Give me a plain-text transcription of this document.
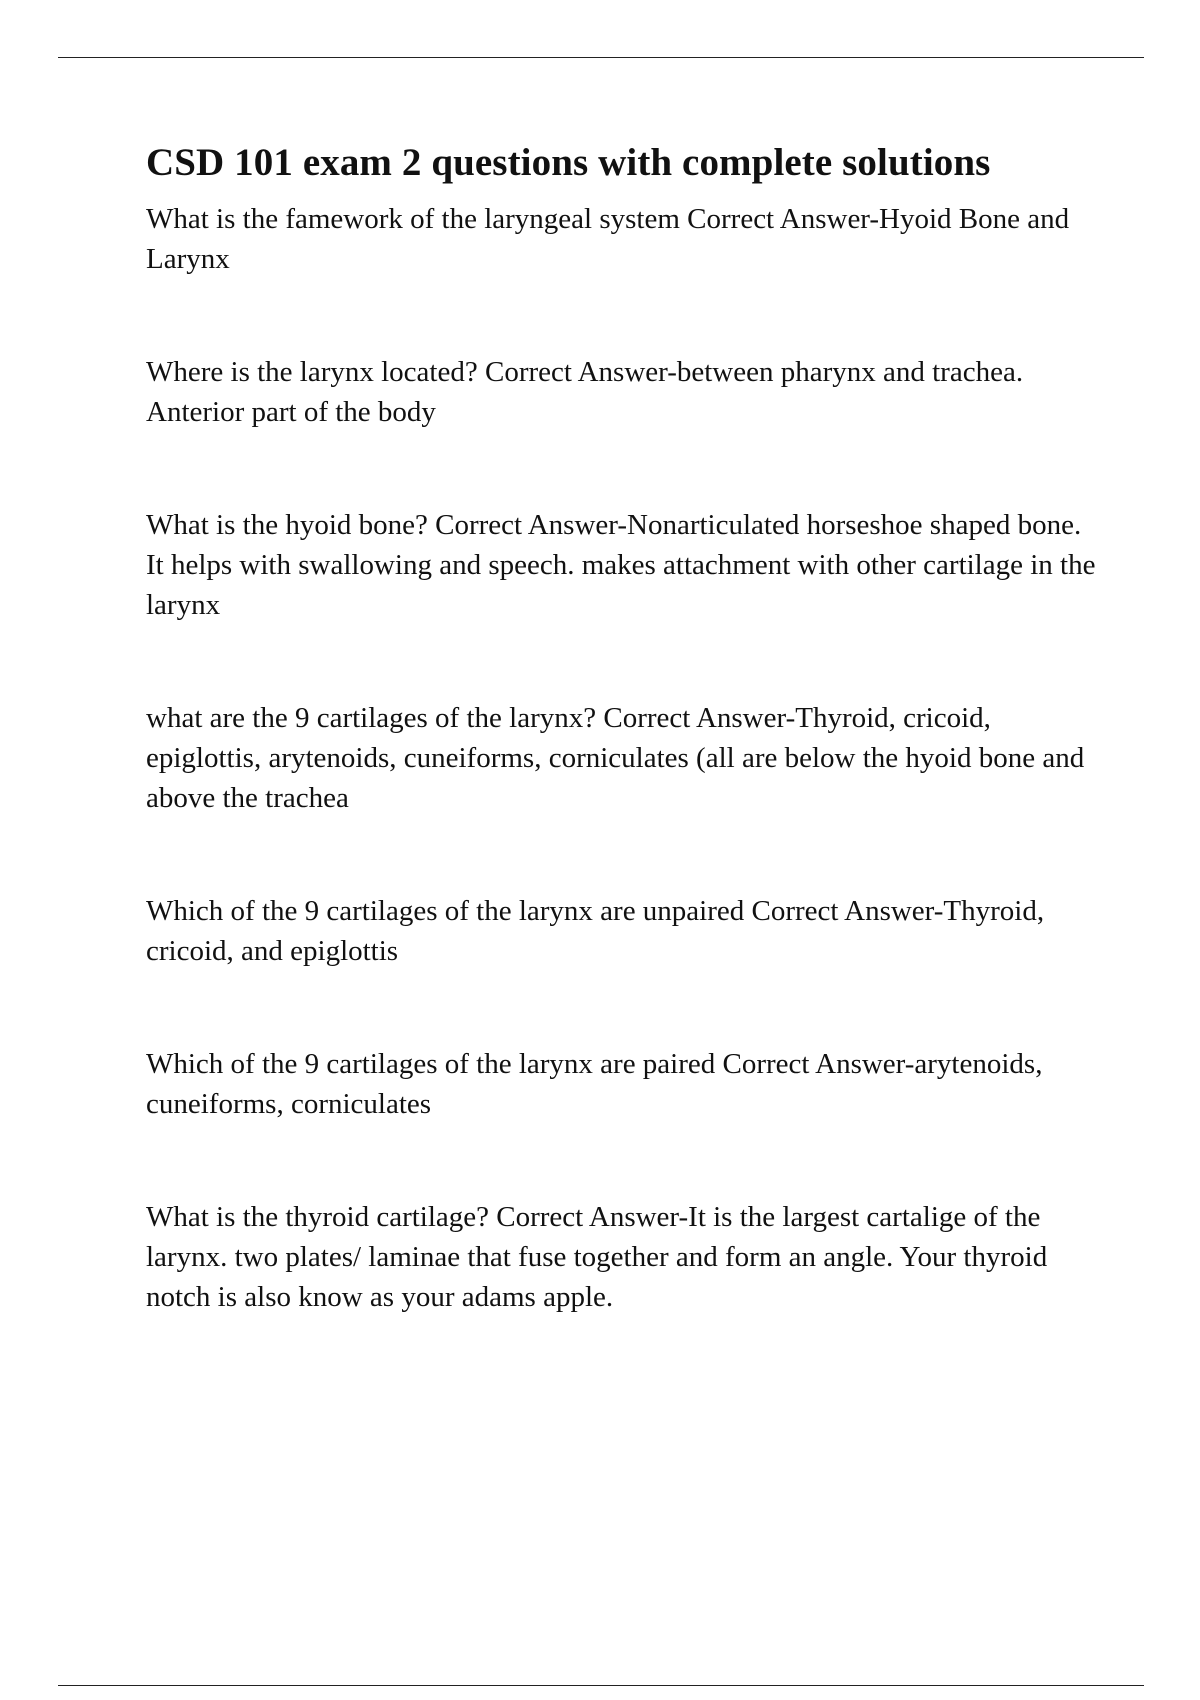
CSD 101 exam 2 questions with complete solutions

What is the famework of the laryngeal system Correct Answer-Hyoid Bone and Larynx

Where is the larynx located? Correct Answer-between pharynx and trachea. Anterior part of the body

What is the hyoid bone? Correct Answer-Nonarticulated horseshoe shaped bone. It helps with swallowing and speech. makes attachment with other cartilage in the larynx

what are the 9 cartilages of the larynx? Correct Answer-Thyroid, cricoid, epiglottis, arytenoids, cuneiforms, corniculates (all are below the hyoid bone and above the trachea

Which of the 9 cartilages of the larynx are unpaired Correct Answer-Thyroid, cricoid, and epiglottis

Which of the 9 cartilages of the larynx are paired Correct Answer-arytenoids, cuneiforms, corniculates

What is the thyroid cartilage? Correct Answer-It is the largest cartalige of the larynx. two plates/ laminae that fuse together and form an angle. Your thyroid notch is also know as your adams apple.
